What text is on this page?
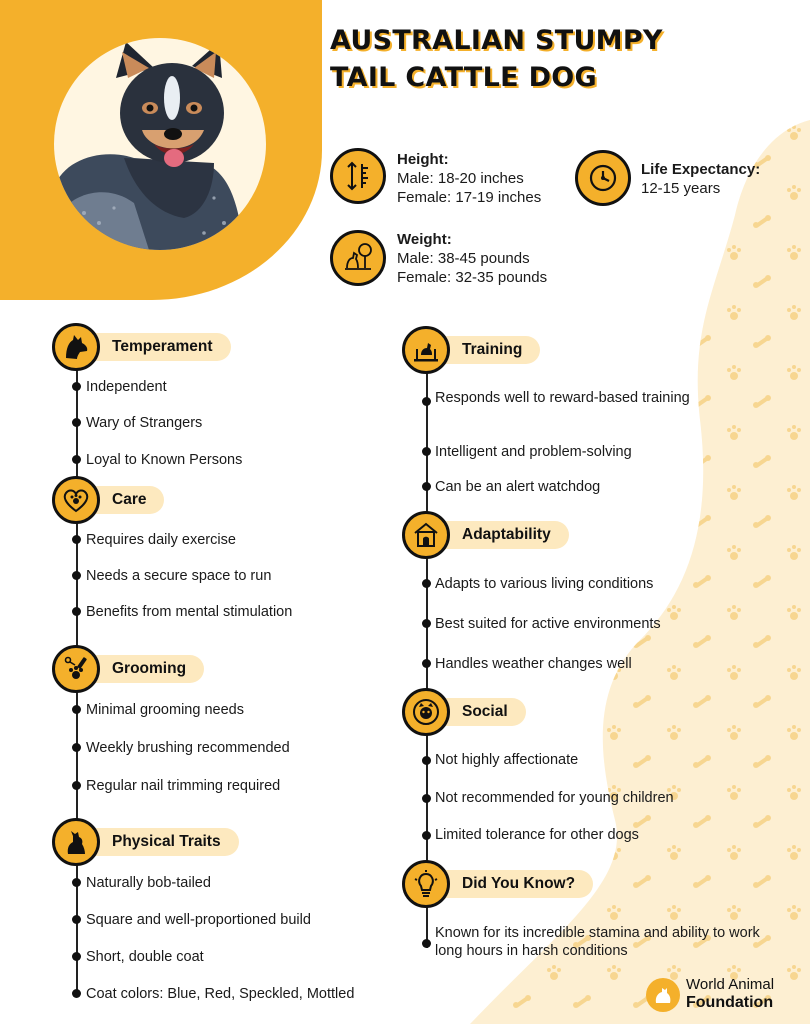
AUSTRALIAN STUMPY
TAIL CATTLE DOG
Height:
Male: 18-20 inches
Female: 17-19 inches
Life Expectancy:
12-15 years
Weight:
Male: 38-45 pounds
Female: 32-35 pounds
Temperament
Independent
Wary of Strangers
Loyal to Known Persons
Care
Requires daily exercise
Needs a secure space to run
Benefits from mental stimulation
Grooming
Minimal grooming needs
Weekly brushing recommended
Regular nail trimming required
Physical Traits
Naturally bob-tailed
Square and well-proportioned build
Short, double coat
Coat colors: Blue, Red, Speckled, Mottled
Training
Responds well to reward-based training
Intelligent and problem-solving
Can be an alert watchdog
Adaptability
Adapts to various living conditions
Best suited for active environments
Handles weather changes well
Social
Not highly affectionate
Not recommended for young children
Limited tolerance for other dogs
Did You Know?
Known for its incredible stamina and ability to work long hours in harsh conditions
World Animal
Foundation
